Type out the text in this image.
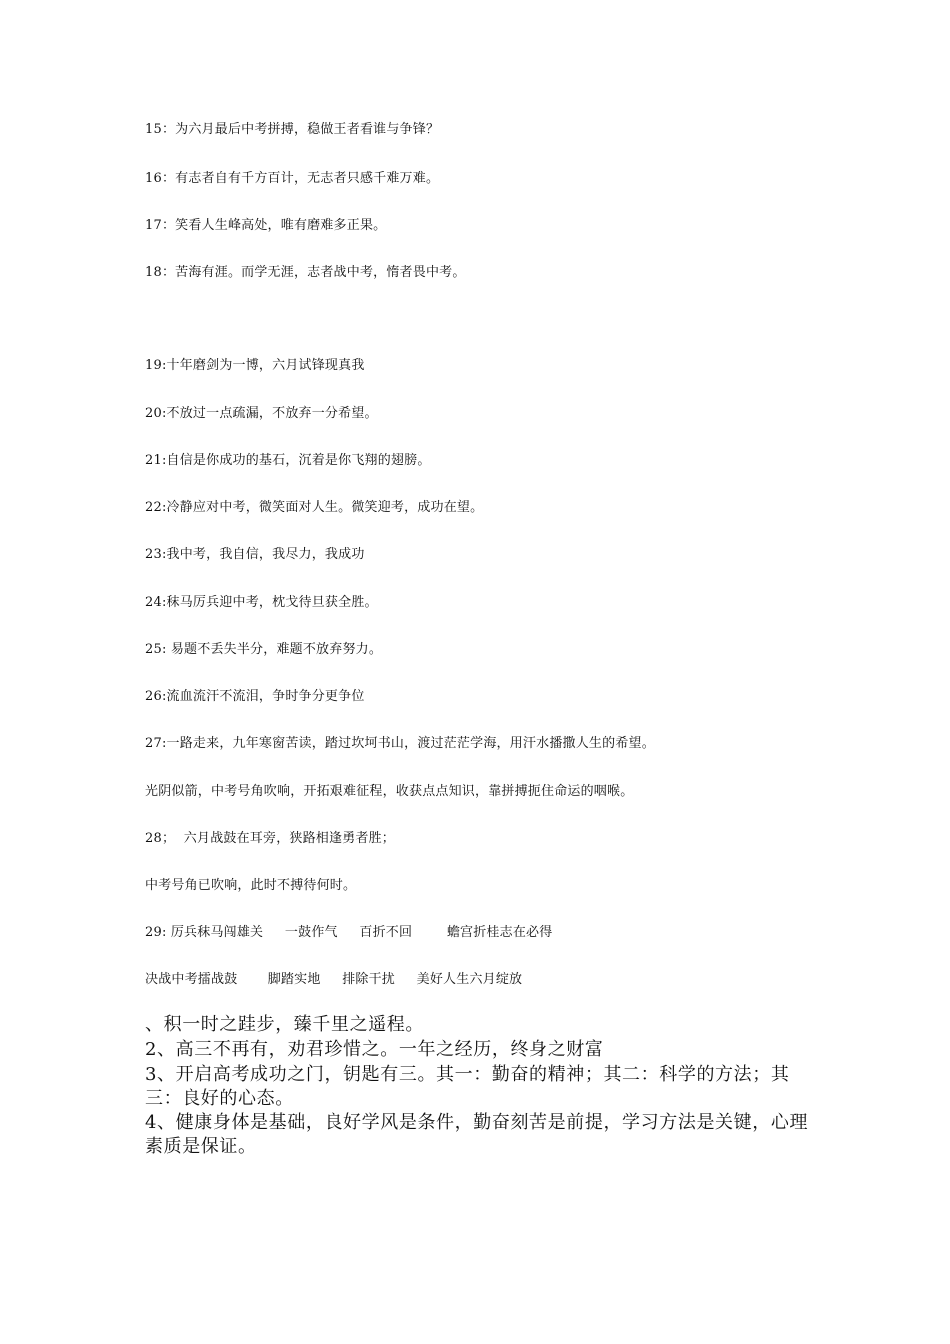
15：为六月最后中考拼搏，稳做王者看谁与争锋？
16：有志者自有千方百计，无志者只感千难万难。
17：笑看人生峰高处，唯有磨难多正果。
18：苦海有涯。而学无涯，志者战中考，惰者畏中考。
19:十年磨剑为一博，六月试锋现真我
20:不放过一点疏漏，不放弃一分希望。
21:自信是你成功的基石，沉着是你飞翔的翅膀。
22:冷静应对中考，微笑面对人生。微笑迎考，成功在望。
23:我中考，我自信，我尽力，我成功
24:秣马厉兵迎中考，枕戈待旦获全胜。
25: 易题不丢失半分，难题不放弃努力。
26:流血流汗不流泪，争时争分更争位
27:一路走来，九年寒窗苦读，踏过坎坷书山，渡过茫茫学海，用汗水播撒人生的希望。
光阴似箭，中考号角吹响，开拓艰难征程，收获点点知识，靠拼搏扼住命运的咽喉。
28；  六月战鼓在耳旁，狭路相逢勇者胜；
中考号角已吹响，此时不搏待何时。
29: 厉兵秣马闯雄关     一鼓作气     百折不回        蟾宫折桂志在必得
决战中考擂战鼓       脚踏实地     排除干扰     美好人生六月绽放
、积一时之跬步，臻千里之遥程。
2、高三不再有，劝君珍惜之。一年之经历，终身之财富
3、开启高考成功之门，钥匙有三。其一：勤奋的精神；其二：科学的方法；其三：良好的心态。
4、健康身体是基础，良好学风是条件，勤奋刻苦是前提，学习方法是关键，心理素质是保证。
